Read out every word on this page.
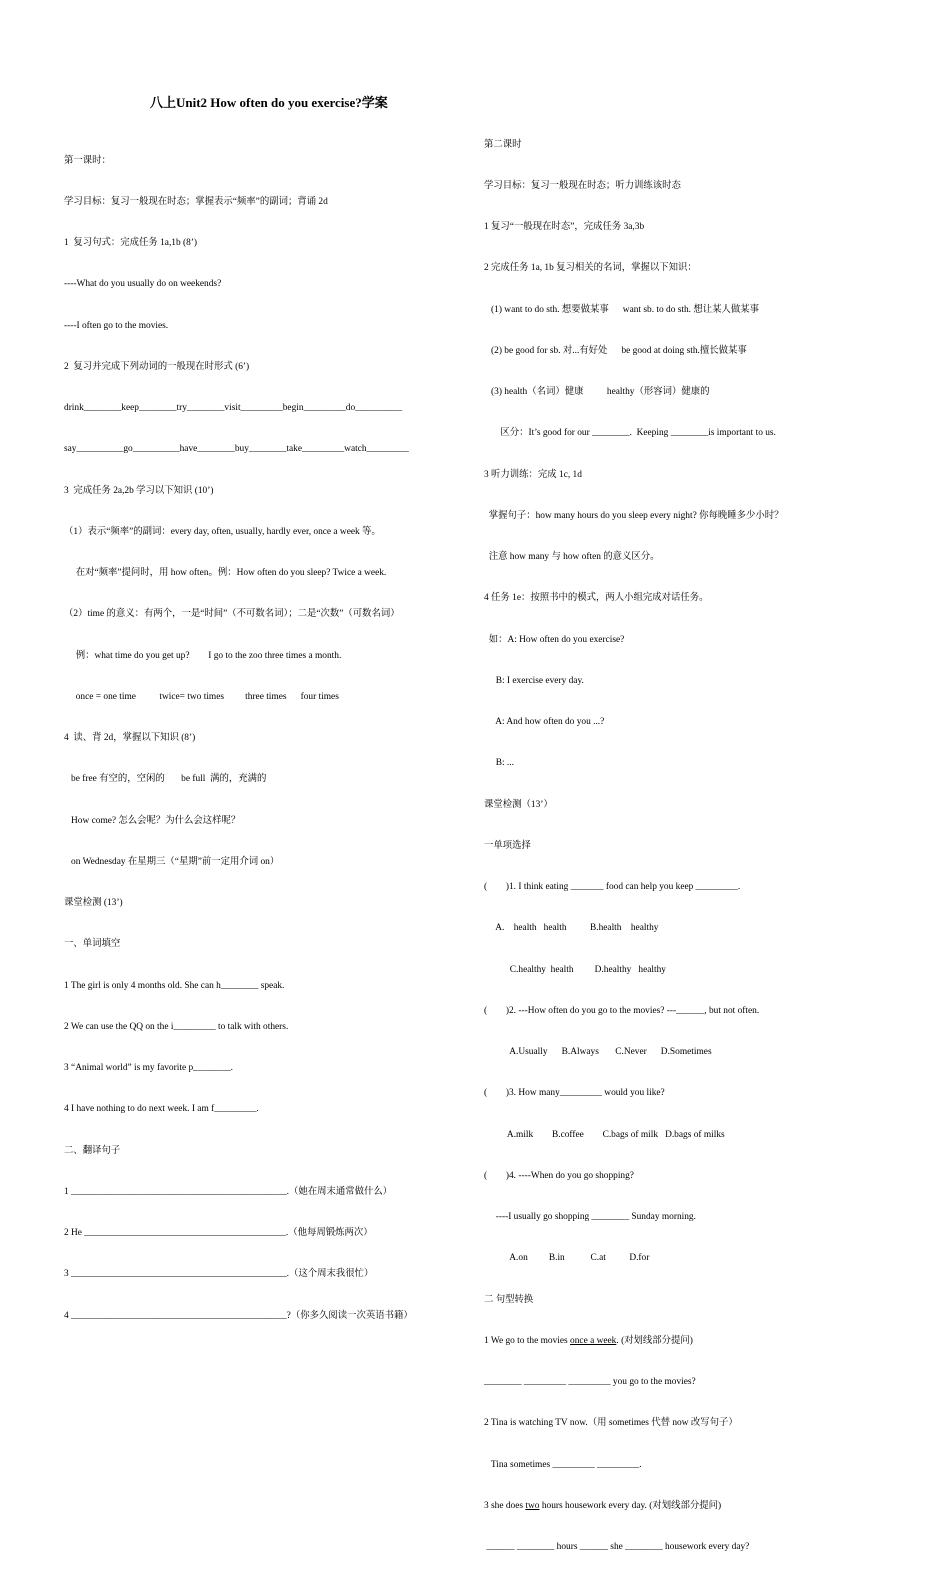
八上Unit2 How often do you exercise?学案

第一课时：

学习目标：复习一般现在时态；掌握表示“频率”的副词；背诵 2d

1  复习句式：完成任务 1a,1b (8’)

----What do you usually do on weekends?

----I often go to the movies.

2  复习并完成下列动词的一般现在时形式 (6’)

drink________keep________try________visit_________begin_________do__________

say__________go__________have________buy________take_________watch_________

3  完成任务 2a,2b 学习以下知识 (10’)

（1）表示“频率”的副词：every day, often, usually, hardly ever, once a week 等。

在对“频率”提问时，用 how often。例：How often do you sleep? Twice a week.

（2）time 的意义：有两个，一是“时间”（不可数名词）；二是“次数”（可数名词）

例：what time do you get up?        I go to the zoo three times a month.

once = one time          twice= two times         three times      four times

4  读、背 2d，掌握以下知识 (8’)

be free 有空的，空闲的       be full  满的，充满的

How come? 怎么会呢？为什么会这样呢？

on Wednesday 在星期三（“星期”前一定用介词 on）

课堂检测 (13’)

一、单词填空

1 The girl is only 4 months old. She can h________ speak.

2 We can use the QQ on the i_________ to talk with others.

3 “Animal world” is my favorite p________.

4 I have nothing to do next week. I am f_________.

二、翻译句子

1 ______________________________________________.（她在周末通常做什么）

2 He ___________________________________________.（他每周锻炼两次）

3 ______________________________________________.（这个周末我很忙）

4 ______________________________________________?（你多久阅读一次英语书籍）

第二课时

学习目标：复习一般现在时态；听力训练该时态

1 复习“一般现在时态”，完成任务 3a,3b

2 完成任务 1a, 1b 复习相关的名词，掌握以下知识：

(1) want to do sth. 想要做某事      want sb. to do sth. 想让某人做某事

(2) be good for sb. 对...有好处      be good at doing sth.擅长做某事

(3) health（名词）健康          healthy（形容词）健康的

区分：It’s good for our ________.  Keeping ________is important to us.

3 听力训练：完成 1c, 1d

掌握句子：how many hours do you sleep every night? 你每晚睡多少小时？

注意 how many 与 how often 的意义区分。

4 任务 1e：按照书中的模式，两人小组完成对话任务。

如：A: How often do you exercise?

B: I exercise every day.

A: And how often do you ...?

B: ...

课堂检测（13’）

一单项选择

(        )1. I think eating _______ food can help you keep _________.

A.    health   health          B.health    healthy

C.healthy  health         D.healthy   healthy

(        )2. ---How often do you go to the movies? ---______, but not often.

A.Usually      B.Always       C.Never      D.Sometimes

(        )3. How many_________ would you like?

A.milk        B.coffee        C.bags of milk   D.bags of milks

(        )4. ----When do you go shopping?

----I usually go shopping ________ Sunday morning.

A.on         B.in           C.at          D.for

二 句型转换

1 We go to the movies once a week. (对划线部分提问)

________ _________ _________ you go to the movies?

2 Tina is watching TV now.（用 sometimes 代替 now 改写句子）

Tina sometimes _________ _________.

3 she does two hours housework every day. (对划线部分提问)

______ ________ hours ______ she ________ housework every day?
